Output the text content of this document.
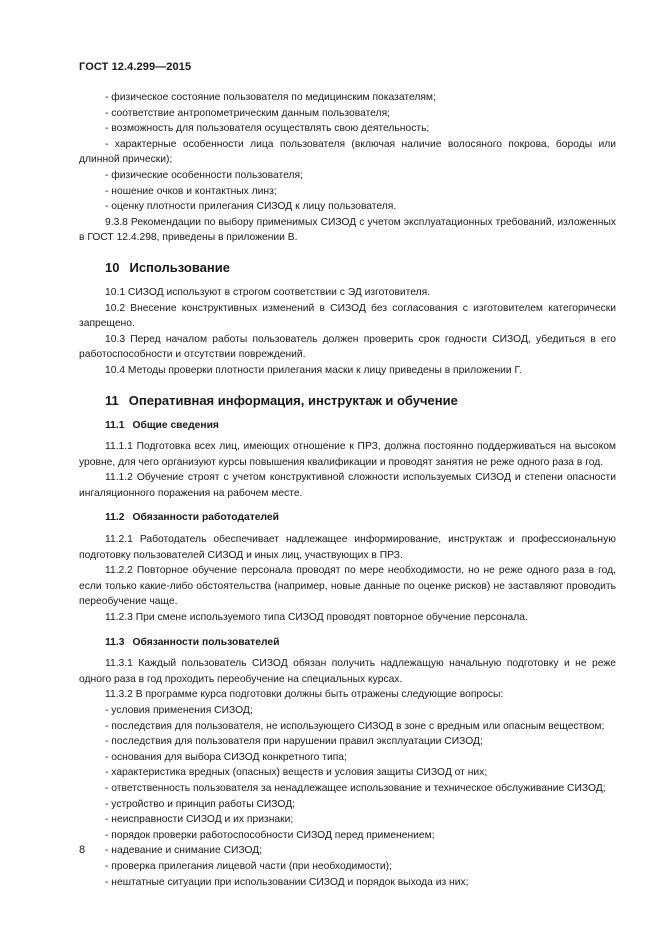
ГОСТ 12.4.299—2015

- физическое состояние пользователя по медицинским показателям;

- соответствие антропометрическим данным пользователя;

- возможность для пользователя осуществлять свою деятельность;

- характерные особенности лица пользователя (включая наличие волосяного покрова, бороды или длинной прически);

- физические особенности пользователя;

- ношение очков и контактных линз;

- оценку плотности прилегания СИЗОД к лицу пользователя.

9.3.8 Рекомендации по выбору применимых СИЗОД с учетом эксплуатационных требований, изложенных в ГОСТ 12.4.298, приведены в приложении В.

10 Использование

10.1 СИЗОД используют в строгом соответствии с ЭД изготовителя.

10.2 Внесение конструктивных изменений в СИЗОД без согласования с изготовителем категорически запрещено.

10.3 Перед началом работы пользователь должен проверить срок годности СИЗОД, убедиться в его работоспособности и отсутствии повреждений.

10.4 Методы проверки плотности прилегания маски к лицу приведены в приложении Г.

11 Оперативная информация, инструктаж и обучение
11.1 Общие сведения

11.1.1 Подготовка всех лиц, имеющих отношение к ПРЗ, должна постоянно поддерживаться на высоком уровне, для чего организуют курсы повышения квалификации и проводят занятия не реже одного раза в год.

11.1.2 Обучение строят с учетом конструктивной сложности используемых СИЗОД и степени опасности ингаляционного поражения на рабочем месте.

11.2 Обязанности работодателей

11.2.1 Работодатель обеспечивает надлежащее информирование, инструктаж и профессиональную подготовку пользователей СИЗОД и иных лиц, участвующих в ПРЗ.

11.2.2 Повторное обучение персонала проводят по мере необходимости, но не реже одного раза в год, если только какие-либо обстоятельства (например, новые данные по оценке рисков) не заставляют проводить переобучение чаще.

11.2.3 При смене используемого типа СИЗОД проводят повторное обучение персонала.

11.3 Обязанности пользователей

11.3.1 Каждый пользователь СИЗОД обязан получить надлежащую начальную подготовку и не реже одного раза в год проходить переобучение на специальных курсах.

11.3.2 В программе курса подготовки должны быть отражены следующие вопросы:

- условия применения СИЗОД;

- последствия для пользователя, не использующего СИЗОД в зоне с вредным или опасным веществом;

- последствия для пользователя при нарушении правил эксплуатации СИЗОД;

- основания для выбора СИЗОД конкретного типа;

- характеристика вредных (опасных) веществ и условия защиты СИЗОД от них;

- ответственность пользователя за ненадлежащее использование и техническое обслуживание СИЗОД;

- устройство и принцип работы СИЗОД;

- неисправности СИЗОД и их признаки;

- порядок проверки работоспособности СИЗОД перед применением;

- надевание и снимание СИЗОД;

- проверка прилегания лицевой части (при необходимости);

- нештатные ситуации при использовании СИЗОД и порядок выхода из них;

8
